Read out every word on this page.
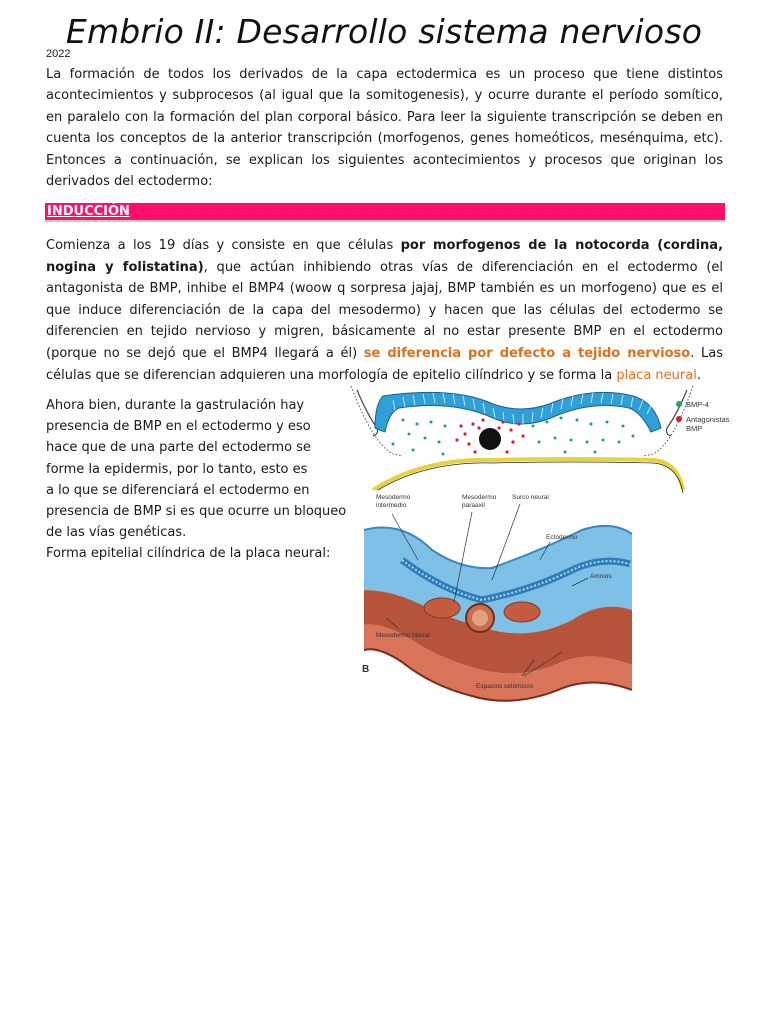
Embrio II: Desarrollo sistema nervioso
2022
La formación de todos los derivados de la capa ectodermica es un proceso que tiene distintos acontecimientos y subprocesos (al igual que la somitogenesis), y ocurre durante el período somítico, en paralelo con la formación del plan corporal básico. Para leer la siguiente transcripción se deben en cuenta los conceptos de la anterior transcripción (morfogenos, genes homeóticos, mesénquima, etc). Entonces a continuación, se explican los siguientes acontecimientos y procesos que originan los derivados del ectodermo:
INDUCCIÓN
Comienza a los 19 días y consiste en que células por morfogenos de la notocorda (cordina, nogina y folistatina), que actúan inhibiendo otras vías de diferenciación en el ectodermo (el antagonista de BMP, inhibe el BMP4 (woow q sorpresa jajaj, BMP también es un morfogeno) que es el que induce diferenciación de la capa del mesodermo) y hacen que las células del ectodermo se diferencien en tejido nervioso y migren, básicamente al no estar presente BMP en el ectodermo (porque no se dejó que el BMP4 llegará a él) se diferencia por defecto a tejido nervioso. Las células que se diferencian adquieren una morfología de epitelio cilíndrico y se forma la placa neural.
Ahora bien, durante la gastrulación hay
presencia de BMP en el ectodermo y eso
hace que de una parte del ectodermo se
forme la epidermis, por lo tanto, esto es
a lo que se diferenciará el ectodermo en
presencia de BMP si es que ocurre un bloqueo
de las vías genéticas.
Forma epitelial cilíndrica de la placa neural:
BMP-4
Antagonistas BMP
Mesodermo intermedio
Mesodermo paraaxil
Surco neural
Ectodermo
Amnios
Mesodermo lateral
Espacios celómicos
B
